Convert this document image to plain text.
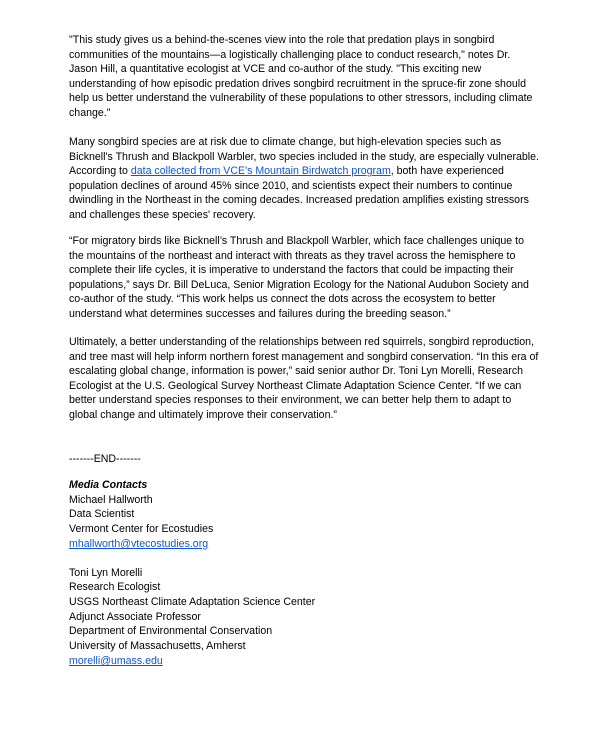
"This study gives us a behind-the-scenes view into the role that predation plays in songbird communities of the mountains—a logistically challenging place to conduct research," notes Dr. Jason Hill, a quantitative ecologist at VCE and co-author of the study. "This exciting new understanding of how episodic predation drives songbird recruitment in the spruce-fir zone should help us better understand the vulnerability of these populations to other stressors, including climate change."

Many songbird species are at risk due to climate change, but high-elevation species such as Bicknell's Thrush and Blackpoll Warbler, two species included in the study, are especially vulnerable. According to data collected from VCE's Mountain Birdwatch program, both have experienced population declines of around 45% since 2010, and scientists expect their numbers to continue dwindling in the Northeast in the coming decades. Increased predation amplifies existing stressors and challenges these species' recovery.

“For migratory birds like Bicknell’s Thrush and Blackpoll Warbler, which face challenges unique to the mountains of the northeast and interact with threats as they travel across the hemisphere to complete their life cycles, it is imperative to understand the factors that could be impacting their populations,” says Dr. Bill DeLuca, Senior Migration Ecology for the National Audubon Society and co-author of the study. “This work helps us connect the dots across the ecosystem to better understand what determines successes and failures during the breeding season.”

Ultimately, a better understanding of the relationships between red squirrels, songbird reproduction, and tree mast will help inform northern forest management and songbird conservation. “In this era of escalating global change, information is power,” said senior author Dr. Toni Lyn Morelli, Research Ecologist at the U.S. Geological Survey Northeast Climate Adaptation Science Center. “If we can better understand species responses to their environment, we can better help them to adapt to global change and ultimately improve their conservation.”

-------END-------

Media Contacts

Michael Hallworth

Data Scientist

Vermont Center for Ecostudies

mhallworth@vtecostudies.org

Toni Lyn Morelli

Research Ecologist

USGS Northeast Climate Adaptation Science Center

Adjunct Associate Professor

Department of Environmental Conservation

University of Massachusetts, Amherst

morelli@umass.edu
